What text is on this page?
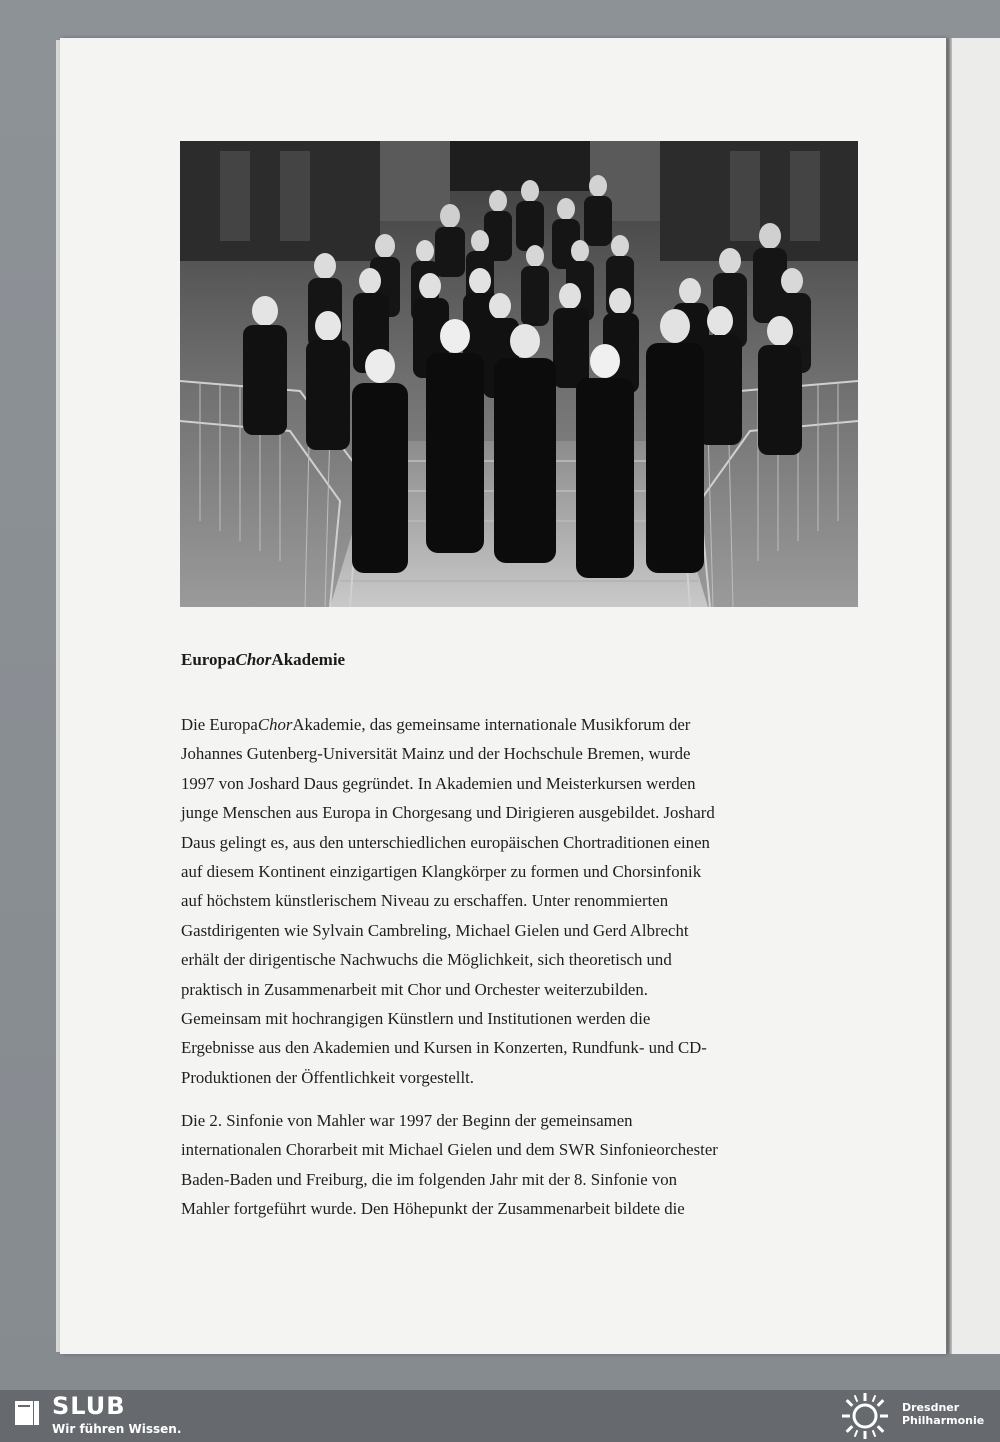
EuropaChorAkademie
Die EuropaChorAkademie, das gemeinsame internationale Musikforum der
Johannes Gutenberg-Universität Mainz und der Hochschule Bremen, wurde
1997 von Joshard Daus gegründet. In Akademien und Meisterkursen werden
junge Menschen aus Europa in Chorgesang und Dirigieren ausgebildet. Joshard
Daus gelingt es, aus den unterschiedlichen europäischen Chortraditionen einen
auf diesem Kontinent einzigartigen Klangkörper zu formen und Chorsinfonik
auf höchstem künstlerischem Niveau zu erschaffen. Unter renommierten
Gastdirigenten wie Sylvain Cambreling, Michael Gielen und Gerd Albrecht
erhält der dirigentische Nachwuchs die Möglichkeit, sich theoretisch und
praktisch in Zusammenarbeit mit Chor und Orchester weiterzubilden.
Gemeinsam mit hochrangigen Künstlern und Institutionen werden die
Ergebnisse aus den Akademien und Kursen in Konzerten, Rundfunk- und CD-
Produktionen der Öffentlichkeit vorgestellt.
Die 2. Sinfonie von Mahler war 1997 der Beginn der gemeinsamen
internationalen Chorarbeit mit Michael Gielen und dem SWR Sinfonieorchester
Baden-Baden und Freiburg, die im folgenden Jahr mit der 8. Sinfonie von
Mahler fortgeführt wurde. Den Höhepunkt der Zusammenarbeit bildete die
SLUB
Wir führen Wissen.
Dresdner
Philharmonie
